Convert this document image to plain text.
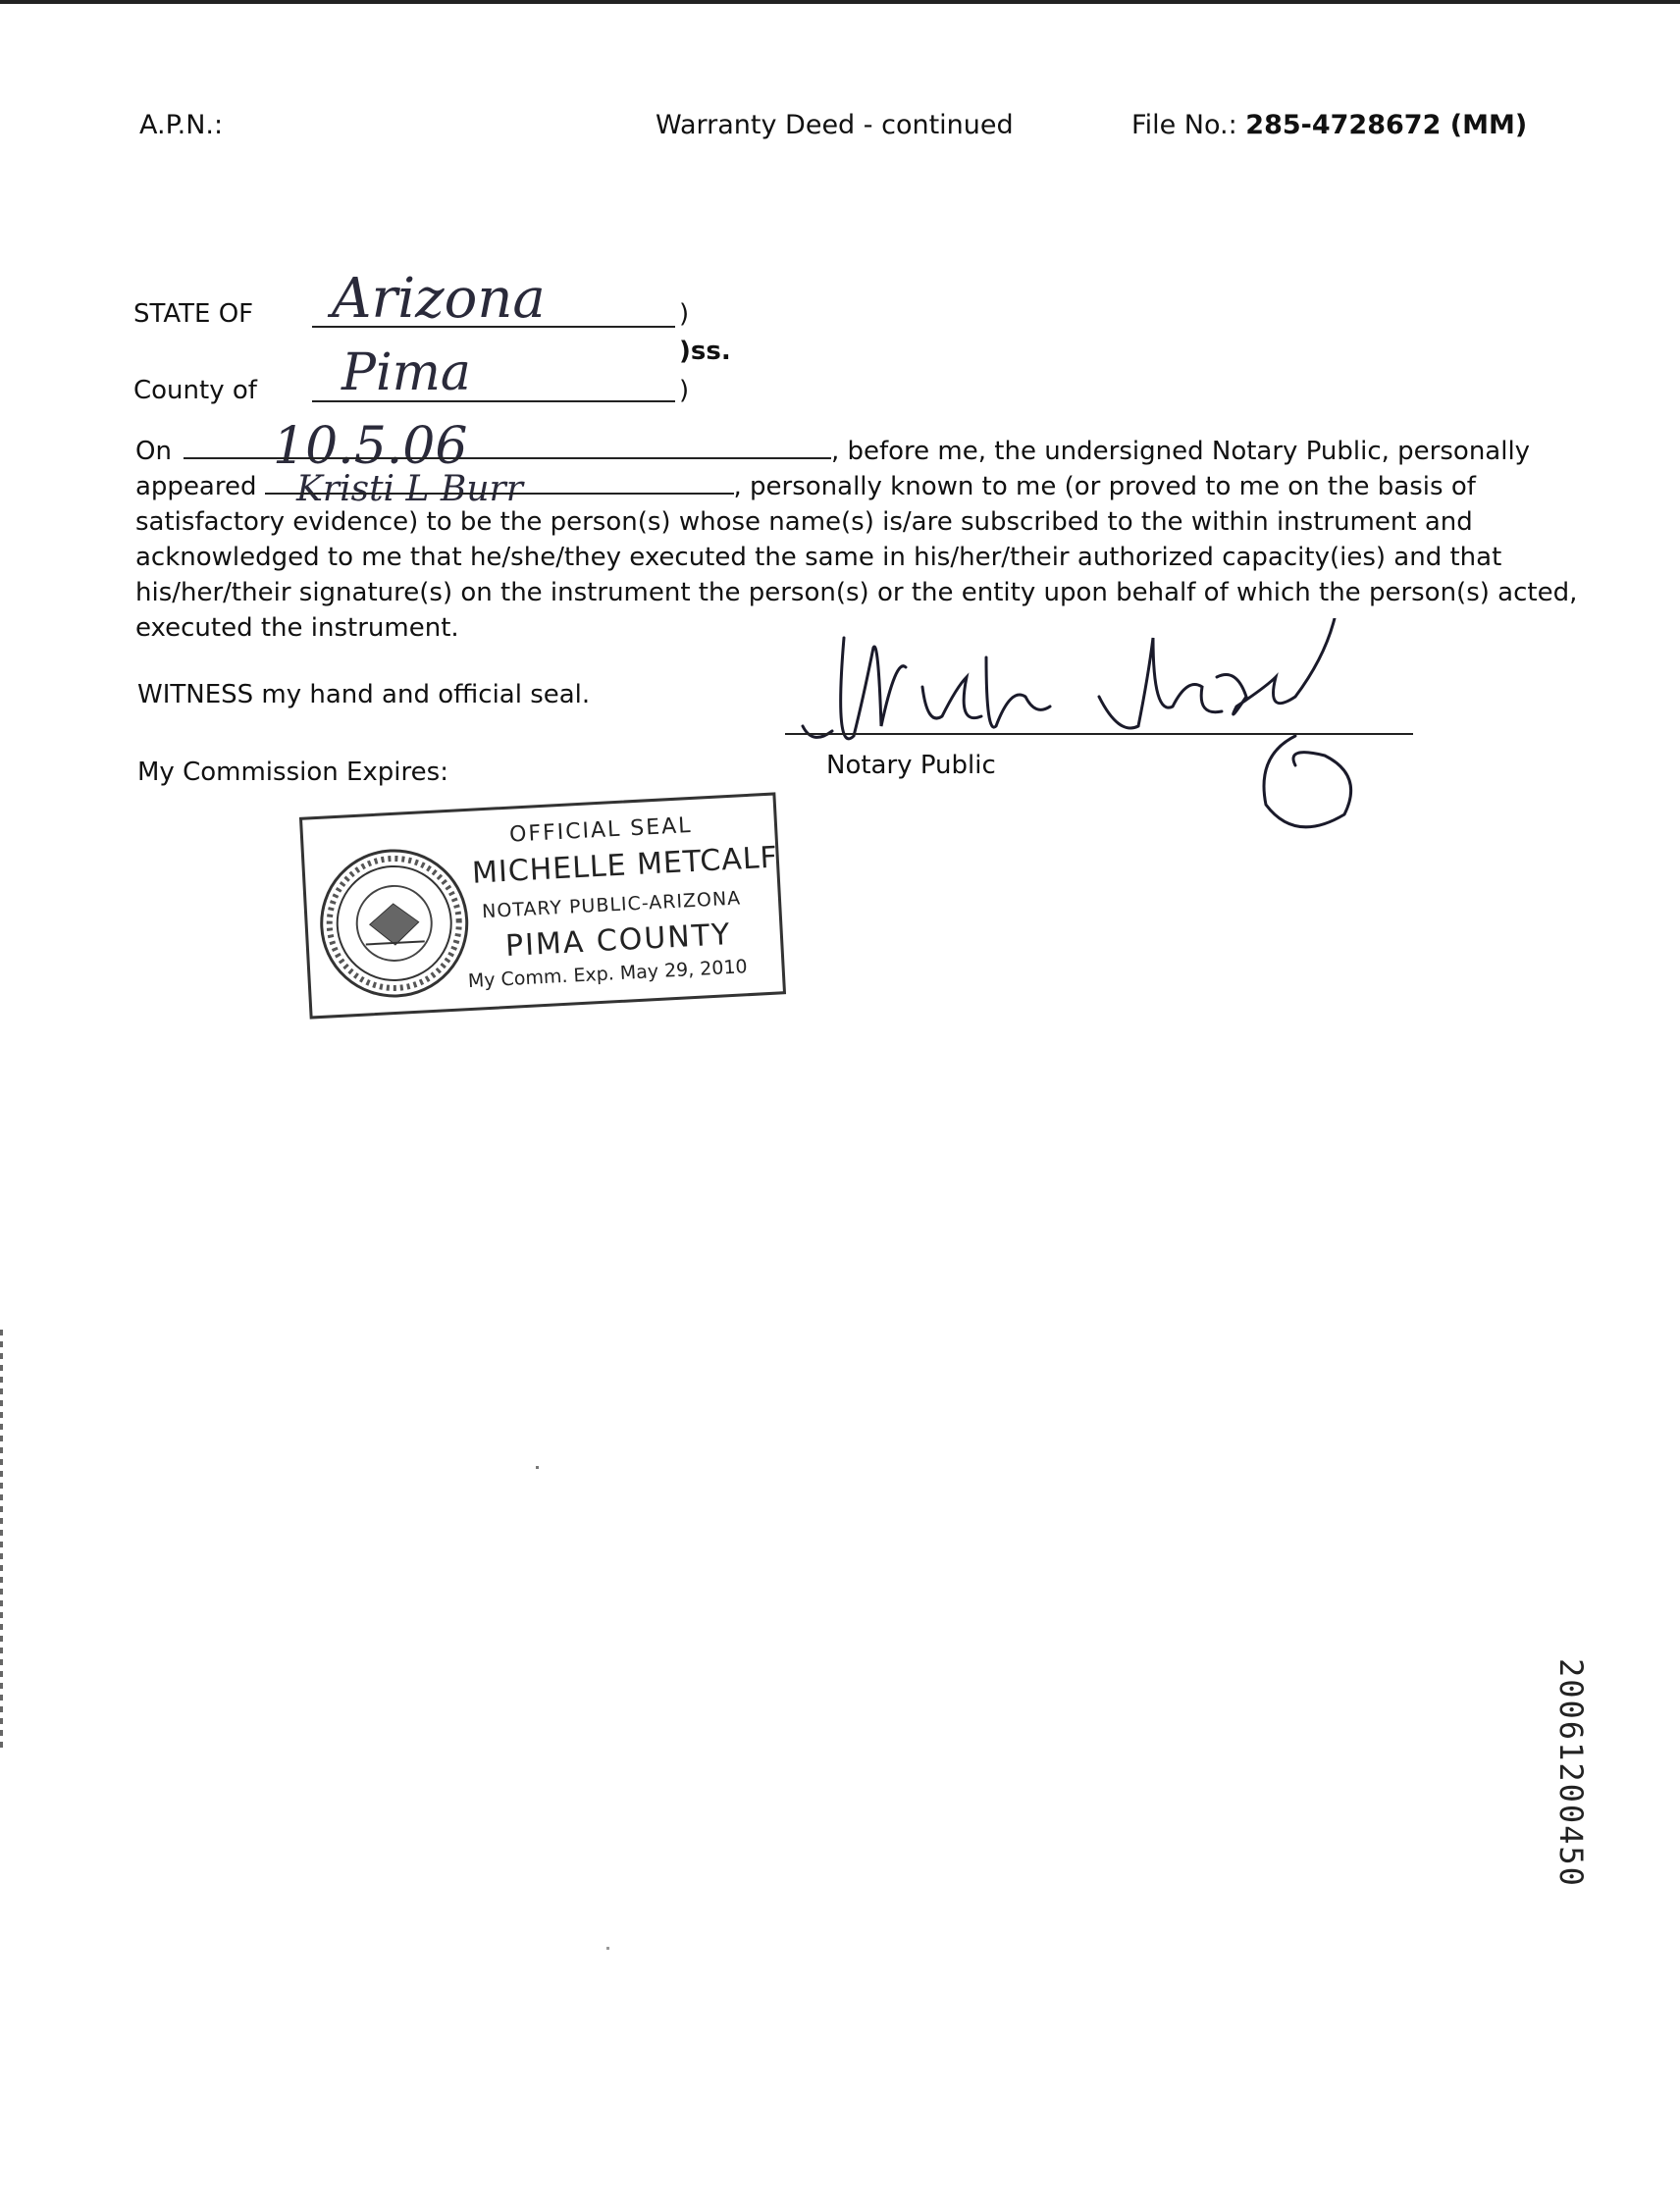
A.P.N.:	Warranty Deed - continued	File No.: 285-4728672 (MM)
STATE OF Arizona	)
)ss.
County of Pima	)
10.5.06
Kristi L Burr
On	, before me, the undersigned Notary Public, personally
appeared	, personally known to me (or proved to me on the basis of
satisfactory evidence) to be the person(s) whose name(s) is/are subscribed to the within instrument and
acknowledged to me that he/she/they executed the same in his/her/their authorized capacity(ies) and that
his/her/their signature(s) on the instrument the person(s) or the entity upon behalf of which the person(s) acted,
executed the instrument.
WITNESS my hand and official seal.
My Commission Expires:	Notary Public
OFFICIAL SEAL
MICHELLE METCALF
NOTARY PUBLIC-ARIZONA
PIMA COUNTY
My Comm. Exp. May 29, 2010
20061200450
